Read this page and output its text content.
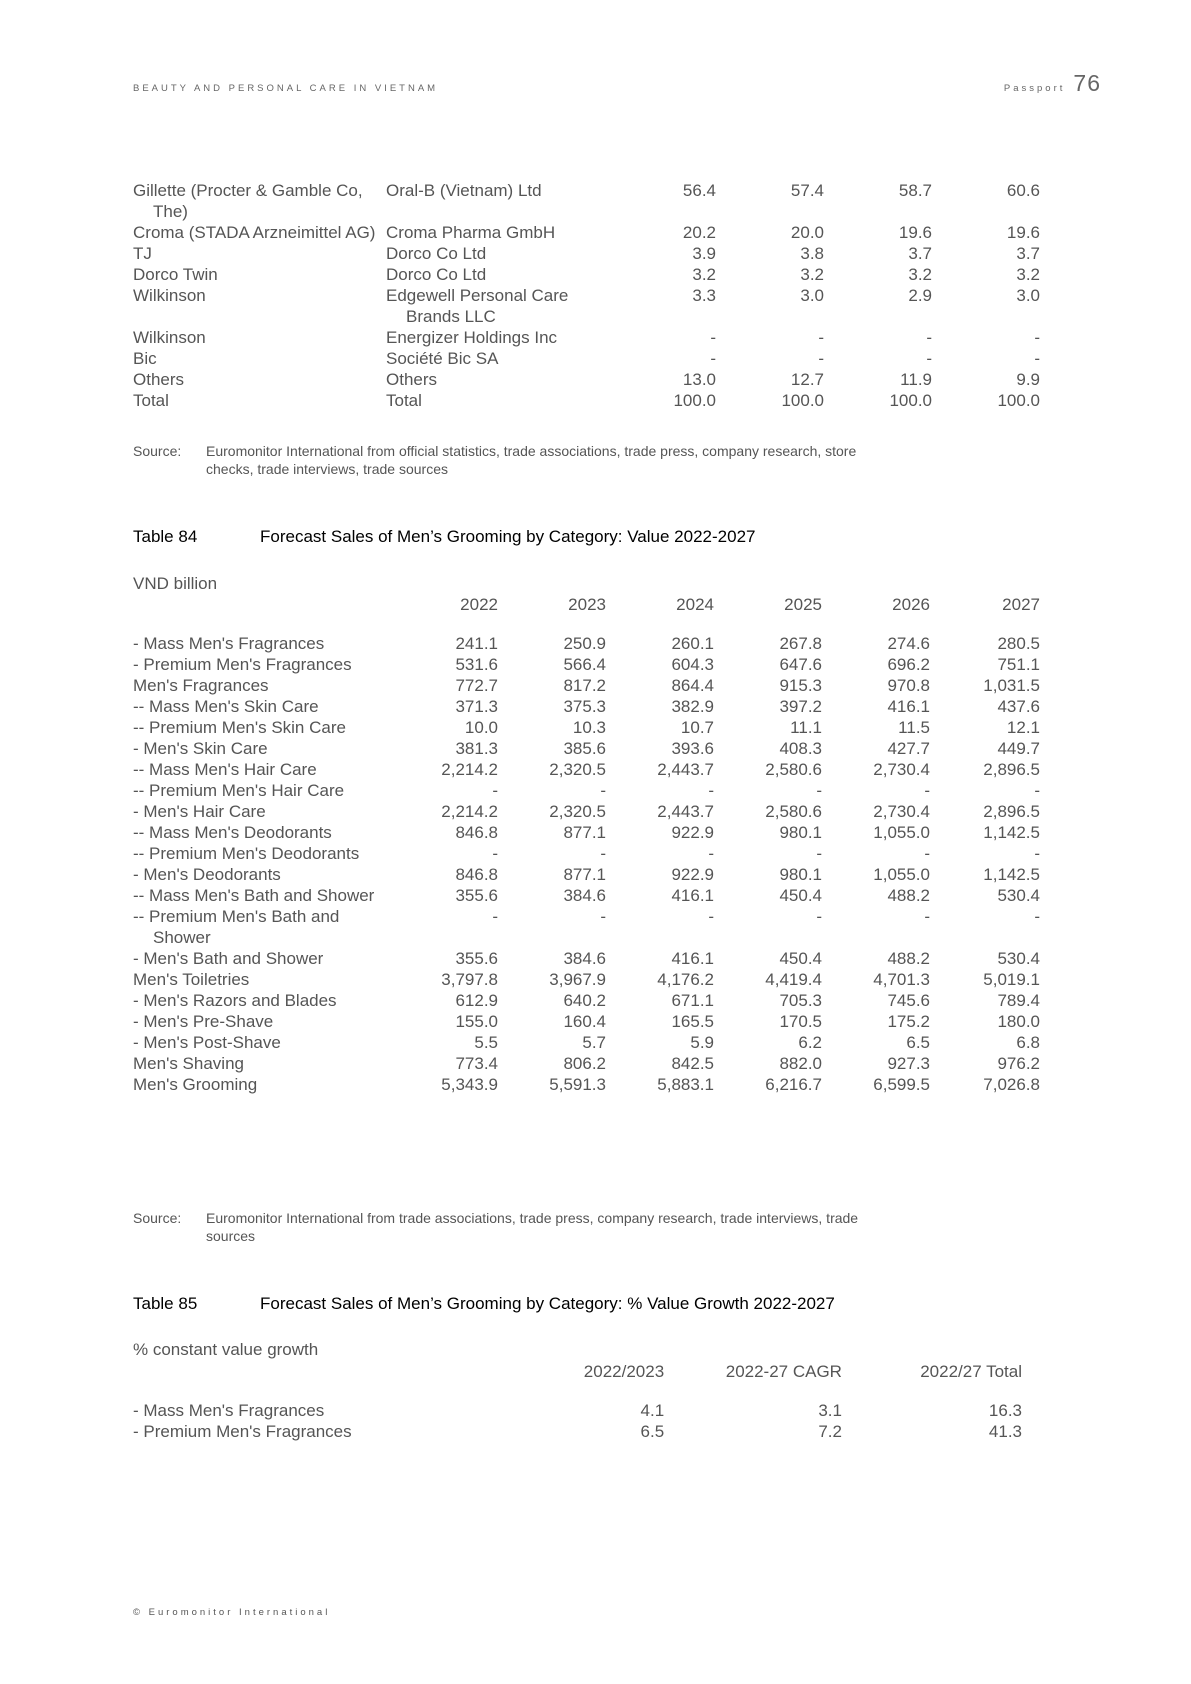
BEAUTY AND PERSONAL CARE IN VIETNAM	Passport 76
Gillette (Procter & Gamble Co, The)	Oral-B (Vietnam) Ltd	56.4	57.4	58.7	60.6
Croma (STADA Arzneimittel AG)	Croma Pharma GmbH	20.2	20.0	19.6	19.6
TJ	Dorco Co Ltd	3.9	3.8	3.7	3.7
Dorco Twin	Dorco Co Ltd	3.2	3.2	3.2	3.2
Wilkinson	Edgewell Personal Care Brands LLC	3.3	3.0	2.9	3.0
Wilkinson	Energizer Holdings Inc	-	-	-	-
Bic	Société Bic SA	-	-	-	-
Others	Others	13.0	12.7	11.9	9.9
Total	Total	100.0	100.0	100.0	100.0
Source: Euromonitor International from official statistics, trade associations, trade press, company research, store checks, trade interviews, trade sources
Table 84	Forecast Sales of Men’s Grooming by Category: Value 2022-2027
VND billion
	2022	2023	2024	2025	2026	2027

- Mass Men's Fragrances	241.1	250.9	260.1	267.8	274.6	280.5
- Premium Men's Fragrances	531.6	566.4	604.3	647.6	696.2	751.1
Men's Fragrances	772.7	817.2	864.4	915.3	970.8	1,031.5
-- Mass Men's Skin Care	371.3	375.3	382.9	397.2	416.1	437.6
-- Premium Men's Skin Care	10.0	10.3	10.7	11.1	11.5	12.1
- Men's Skin Care	381.3	385.6	393.6	408.3	427.7	449.7
-- Mass Men's Hair Care	2,214.2	2,320.5	2,443.7	2,580.6	2,730.4	2,896.5
-- Premium Men's Hair Care	-	-	-	-	-	-
- Men's Hair Care	2,214.2	2,320.5	2,443.7	2,580.6	2,730.4	2,896.5
-- Mass Men's Deodorants	846.8	877.1	922.9	980.1	1,055.0	1,142.5
-- Premium Men's Deodorants	-	-	-	-	-	-
- Men's Deodorants	846.8	877.1	922.9	980.1	1,055.0	1,142.5
-- Mass Men's Bath and Shower	355.6	384.6	416.1	450.4	488.2	530.4
-- Premium Men's Bath and Shower	-	-	-	-	-	-
- Men's Bath and Shower	355.6	384.6	416.1	450.4	488.2	530.4
Men's Toiletries	3,797.8	3,967.9	4,176.2	4,419.4	4,701.3	5,019.1
- Men's Razors and Blades	612.9	640.2	671.1	705.3	745.6	789.4
- Men's Pre-Shave	155.0	160.4	165.5	170.5	175.2	180.0
- Men's Post-Shave	5.5	5.7	5.9	6.2	6.5	6.8
Men's Shaving	773.4	806.2	842.5	882.0	927.3	976.2
Men's Grooming	5,343.9	5,591.3	5,883.1	6,216.7	6,599.5	7,026.8
Source: Euromonitor International from trade associations, trade press, company research, trade interviews, trade sources
Table 85	Forecast Sales of Men’s Grooming by Category: % Value Growth 2022-2027
% constant value growth
	2022/2023	2022-27 CAGR	2022/27 Total

- Mass Men's Fragrances	4.1	3.1	16.3
- Premium Men's Fragrances	6.5	7.2	41.3
© Euromonitor International
